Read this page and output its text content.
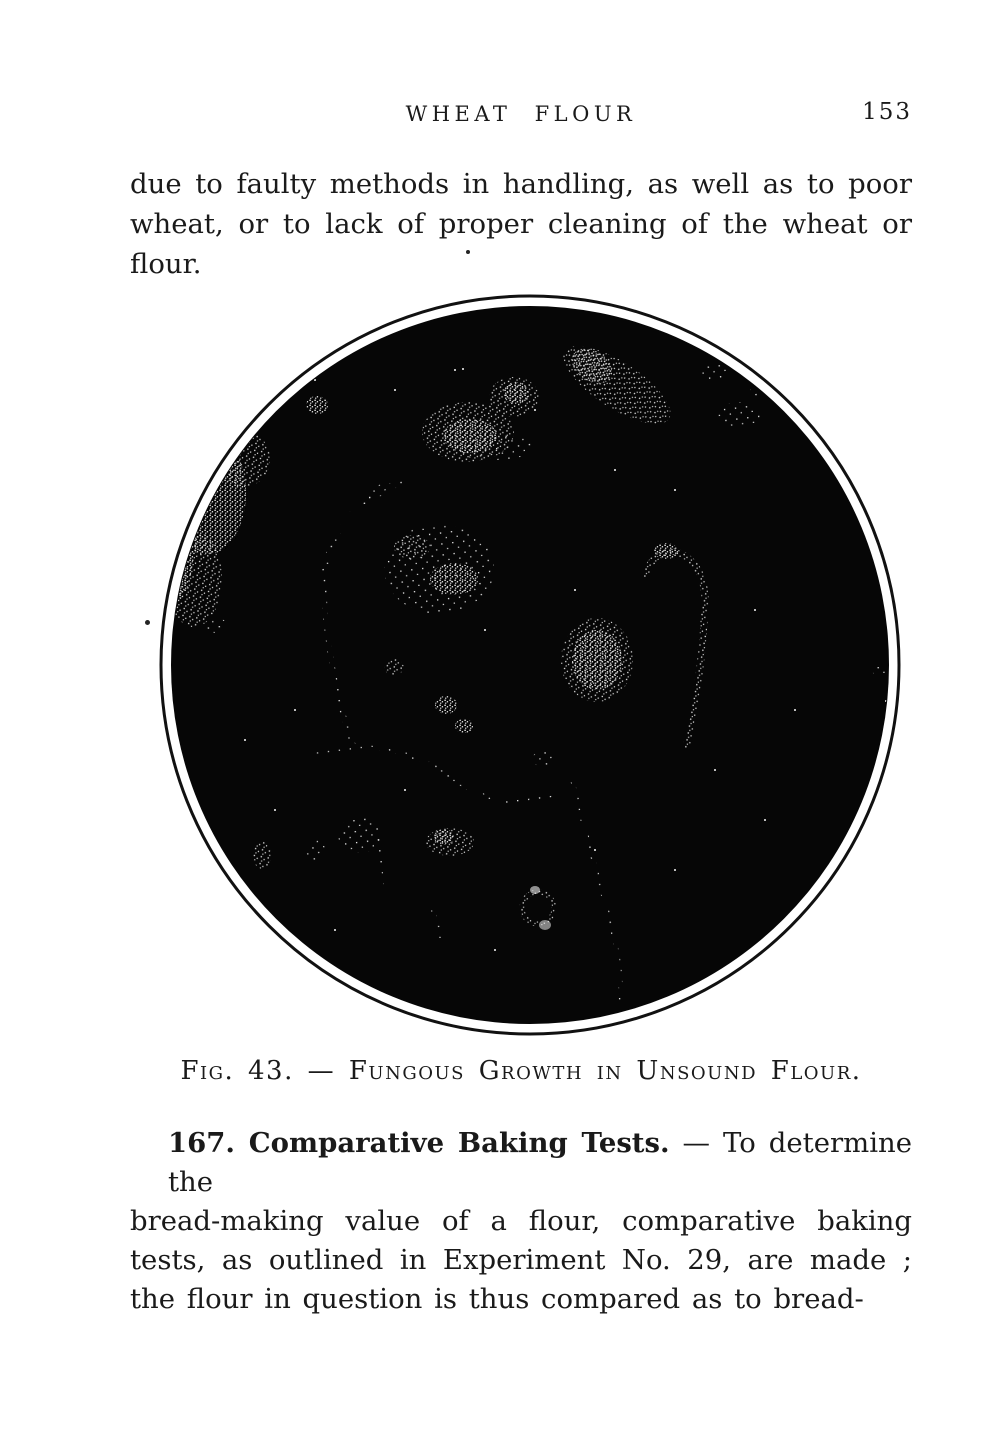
WHEAT FLOUR	153
due to faulty methods in handling, as well as to poor
wheat, or to lack of proper cleaning of the wheat or
flour.
Fig. 43. — Fungous Growth in Unsound Flour.
167. Comparative Baking Tests. — To determine the
bread-making value of a flour, comparative baking
tests, as outlined in Experiment No. 29, are made ;
the flour in question is thus compared as to bread-
